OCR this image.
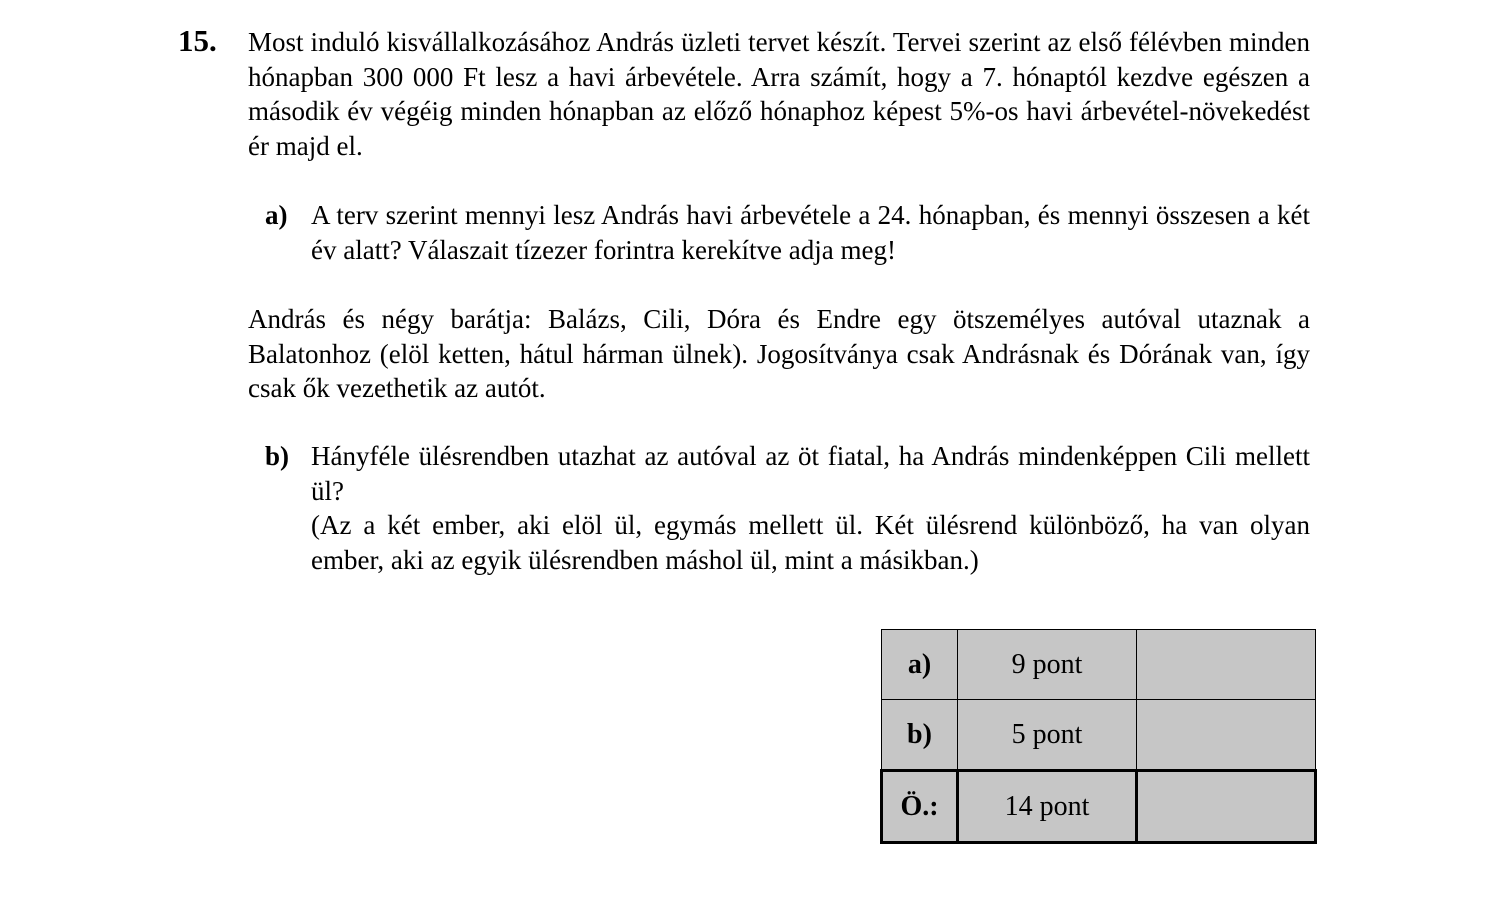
15. Most induló kisvállalkozásához András üzleti tervet készít. Tervei szerint az első félévben minden hónapban 300 000 Ft lesz a havi árbevétele. Arra számít, hogy a 7. hónaptól kezdve egészen a második év végéig minden hónapban az előző hónaphoz képest 5%-os havi árbevétel-növekedést ér majd el.
a) A terv szerint mennyi lesz András havi árbevétele a 24. hónapban, és mennyi összesen a két év alatt? Válaszait tízezer forintra kerekítve adja meg!
András és négy barátja: Balázs, Cili, Dóra és Endre egy ötszemélyes autóval utaznak a Balatonhoz (elöl ketten, hátul hárman ülnek). Jogosítványa csak Andrásnak és Dórának van, így csak ők vezethetik az autót.
b) Hányféle ülésrendben utazhat az autóval az öt fiatal, ha András mindenképpen Cili mellett ül?
(Az a két ember, aki elöl ül, egymás mellett ül. Két ülésrend különböző, ha van olyan ember, aki az egyik ülésrendben máshol ül, mint a másikban.)
a)	9 pont	
b)	5 pont	
Ö.:	14 pont	
